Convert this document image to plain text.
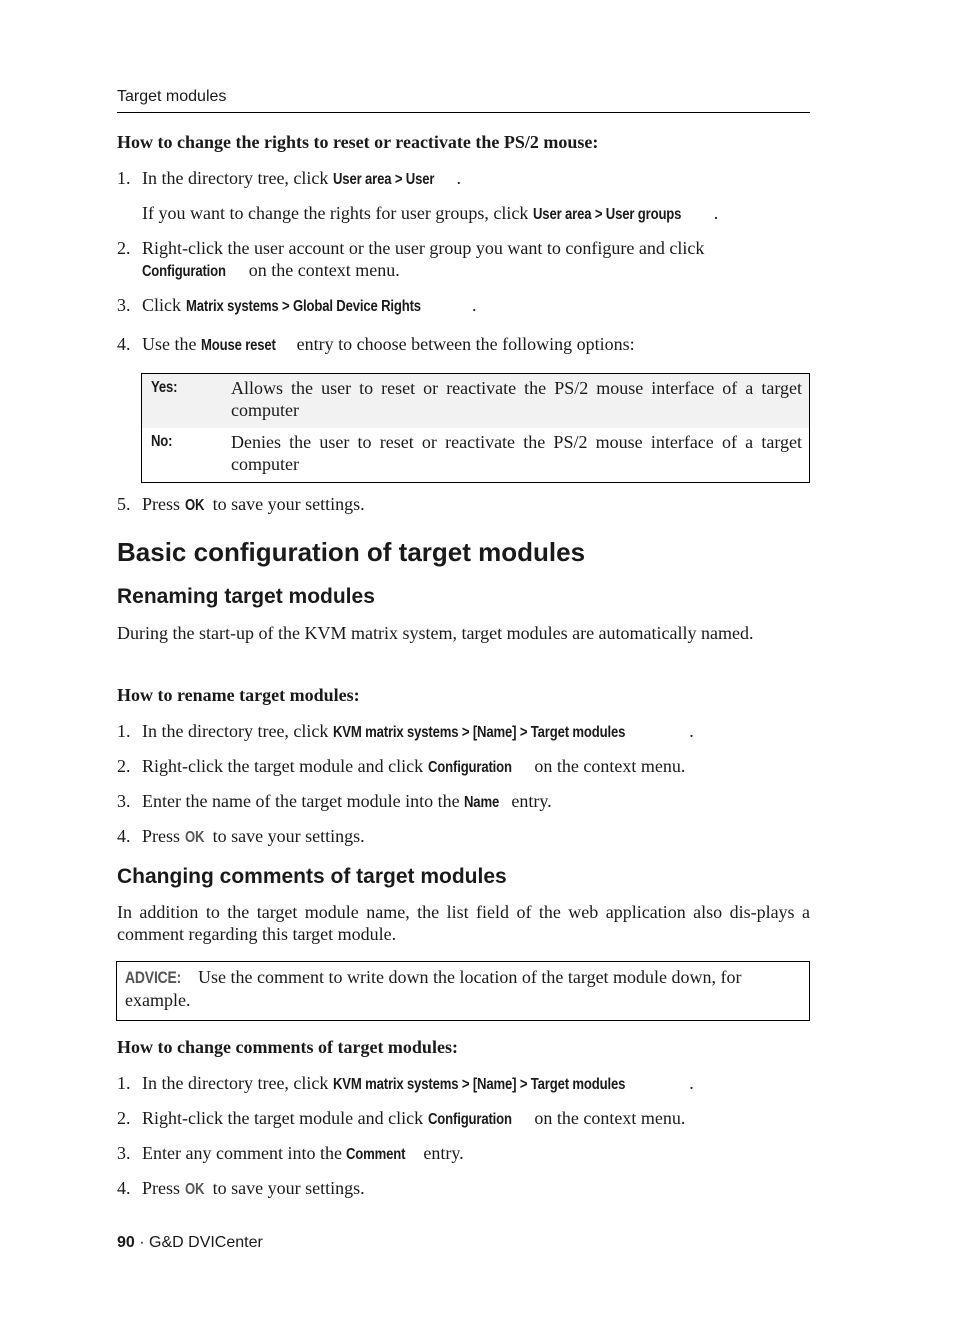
Target modules
How to change the rights to reset or reactivate the PS/2 mouse:
1. In the directory tree, click User area > User .
If you want to change the rights for user groups, click User area > User groups .
2. Right-click the user account or the user group you want to configure and click Configuration on the context menu.
3. Click Matrix systems > Global Device Rights	.
4. Use the Mouse reset entry to choose between the following options:
Yes:	Allows the user to reset or reactivate the PS/2 mouse interface of a target computer
No:	Denies the user to reset or reactivate the PS/2 mouse interface of a target computer
5. Press OK to save your settings.
Basic configuration of target modules
Renaming target modules
During the start-up of the KVM matrix system, target modules are automatically named.
How to rename target modules:
1. In the directory tree, click KVM matrix systems > [Name] > Target modules	.
2. Right-click the target module and click Configuration on the context menu.
3. Enter the name of the target module into the Name entry.
4. Press OK to save your settings.
Changing comments of target modules
In addition to the target module name, the list field of the web application also dis-plays a comment regarding this target module.
ADVICE: Use the comment to write down the location of the target module down, for example.
How to change comments of target modules:
1. In the directory tree, click KVM matrix systems > [Name] > Target modules	.
2. Right-click the target module and click Configuration on the context menu.
3. Enter any comment into the Comment entry.
4. Press OK to save your settings.
90 · G&D DVICenter
